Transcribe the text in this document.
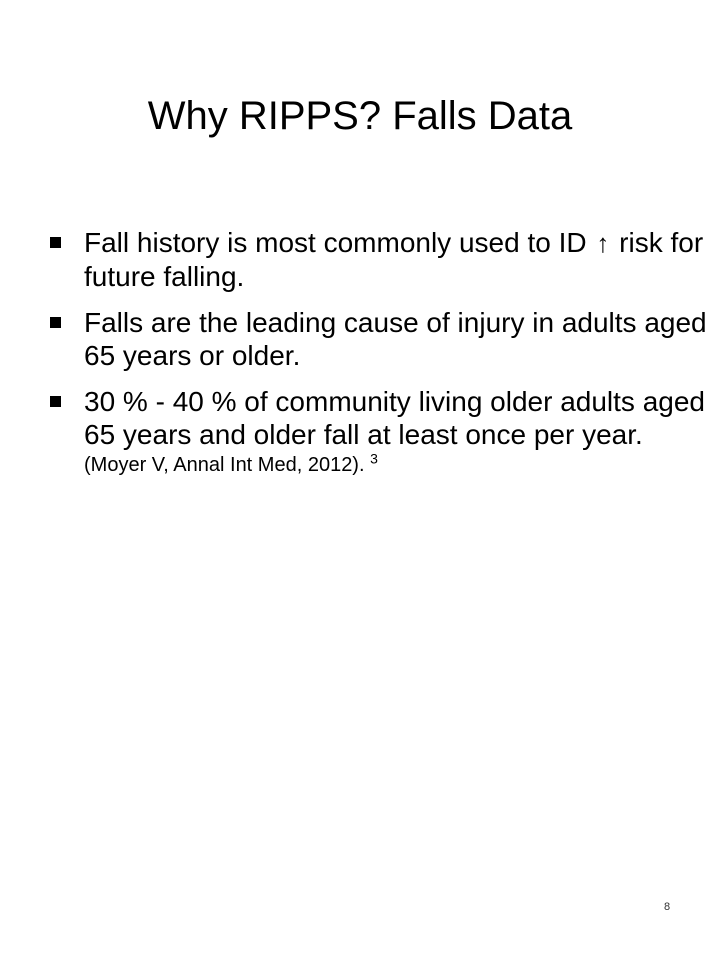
Why RIPPS? Falls Data
Fall history is most commonly used to ID ↑ risk for future falling.
Falls are the leading cause of injury in adults aged 65 years or older.
30 % - 40 % of community living older adults aged 65 years and older fall at least once per year.
(Moyer V, Annal Int Med, 2012). $^3$
8
